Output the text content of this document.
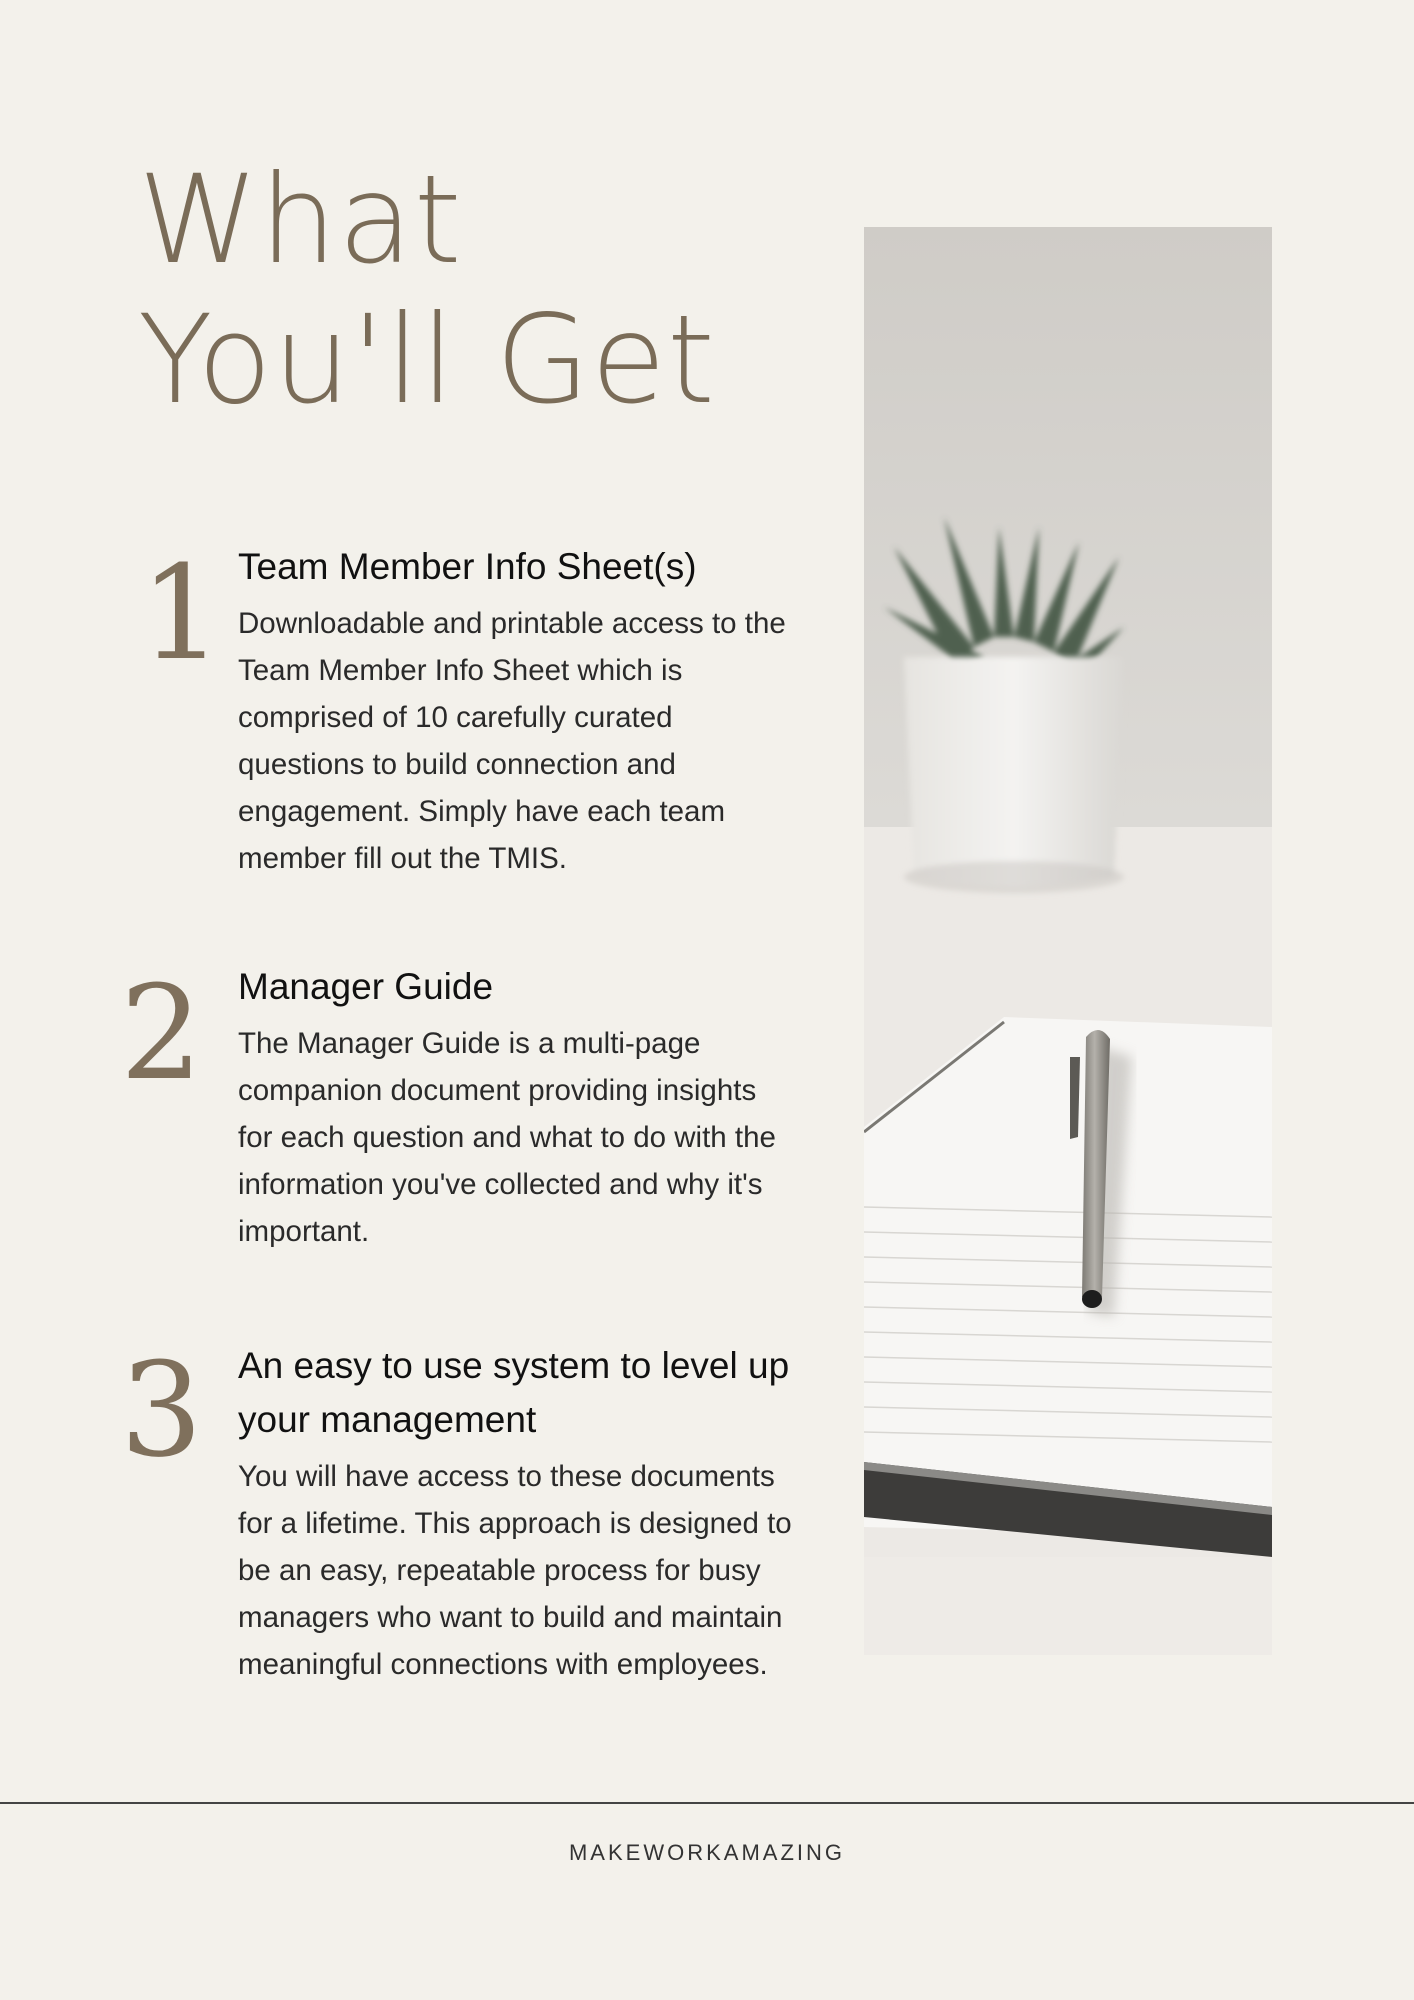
What
You'll Get
1 Team Member Info Sheet(s)

Downloadable and printable access to the Team Member Info Sheet which is comprised of 10 carefully curated questions to build connection and engagement. Simply have each team member fill out the TMIS.

2 Manager Guide

The Manager Guide is a multi-page companion document providing insights for each question and what to do with the information you've collected and why it's important.

3 An easy to use system to level up your management

You will have access to these documents for a lifetime. This approach is designed to be an easy, repeatable process for busy managers who want to build and maintain meaningful connections with employees.

MAKEWORKAMAZING
